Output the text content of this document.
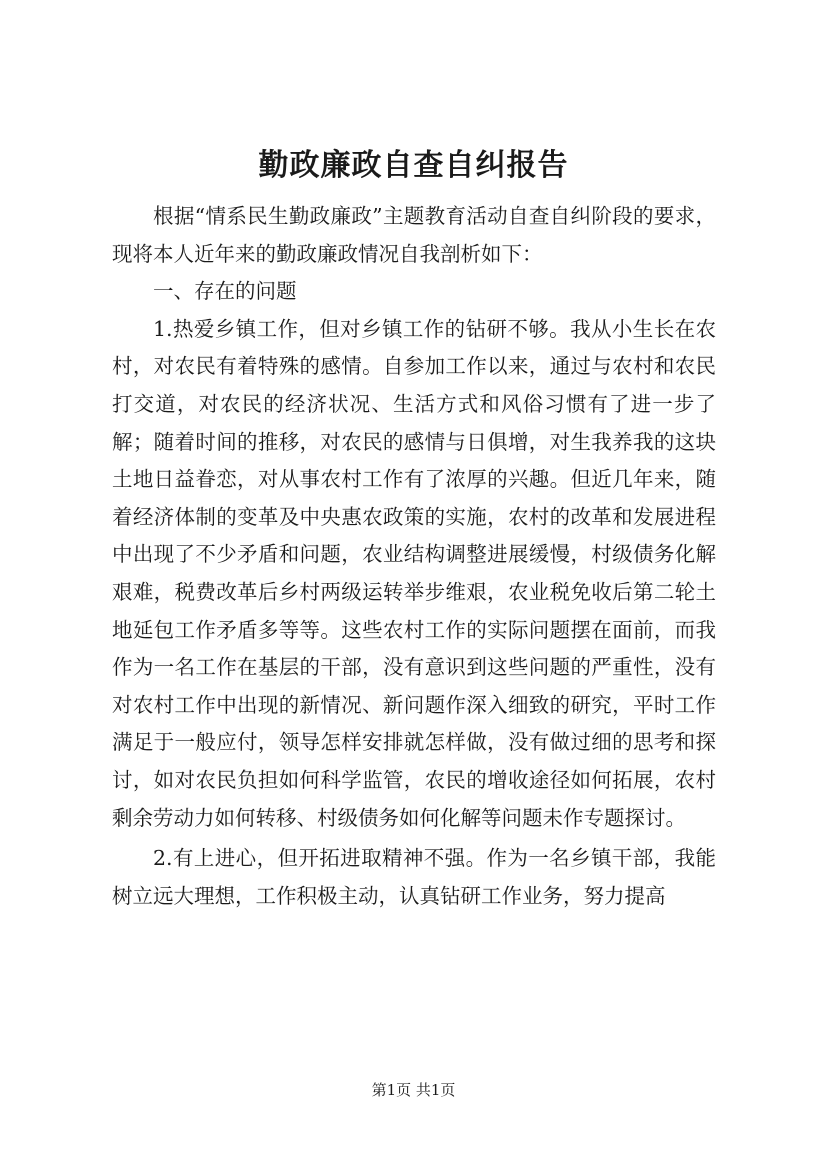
勤政廉政自查自纠报告

根据“情系民生勤政廉政”主题教育活动自查自纠阶段的要求，现将本人近年来的勤政廉政情况自我剖析如下：

一、存在的问题

1.热爱乡镇工作，但对乡镇工作的钻研不够。我从小生长在农村，对农民有着特殊的感情。自参加工作以来，通过与农村和农民打交道，对农民的经济状况、生活方式和风俗习惯有了进一步了解；随着时间的推移，对农民的感情与日俱增，对生我养我的这块土地日益眷恋，对从事农村工作有了浓厚的兴趣。但近几年来，随着经济体制的变革及中央惠农政策的实施，农村的改革和发展进程中出现了不少矛盾和问题，农业结构调整进展缓慢，村级债务化解艰难，税费改革后乡村两级运转举步维艰，农业税免收后第二轮土地延包工作矛盾多等等。这些农村工作的实际问题摆在面前，而我作为一名工作在基层的干部，没有意识到这些问题的严重性，没有对农村工作中出现的新情况、新问题作深入细致的研究，平时工作满足于一般应付，领导怎样安排就怎样做，没有做过细的思考和探讨，如对农民负担如何科学监管，农民的增收途径如何拓展，农村剩余劳动力如何转移、村级债务如何化解等问题未作专题探讨。

2.有上进心，但开拓进取精神不强。作为一名乡镇干部，我能树立远大理想，工作积极主动，认真钻研工作业务，努力提高

第1页 共1页
